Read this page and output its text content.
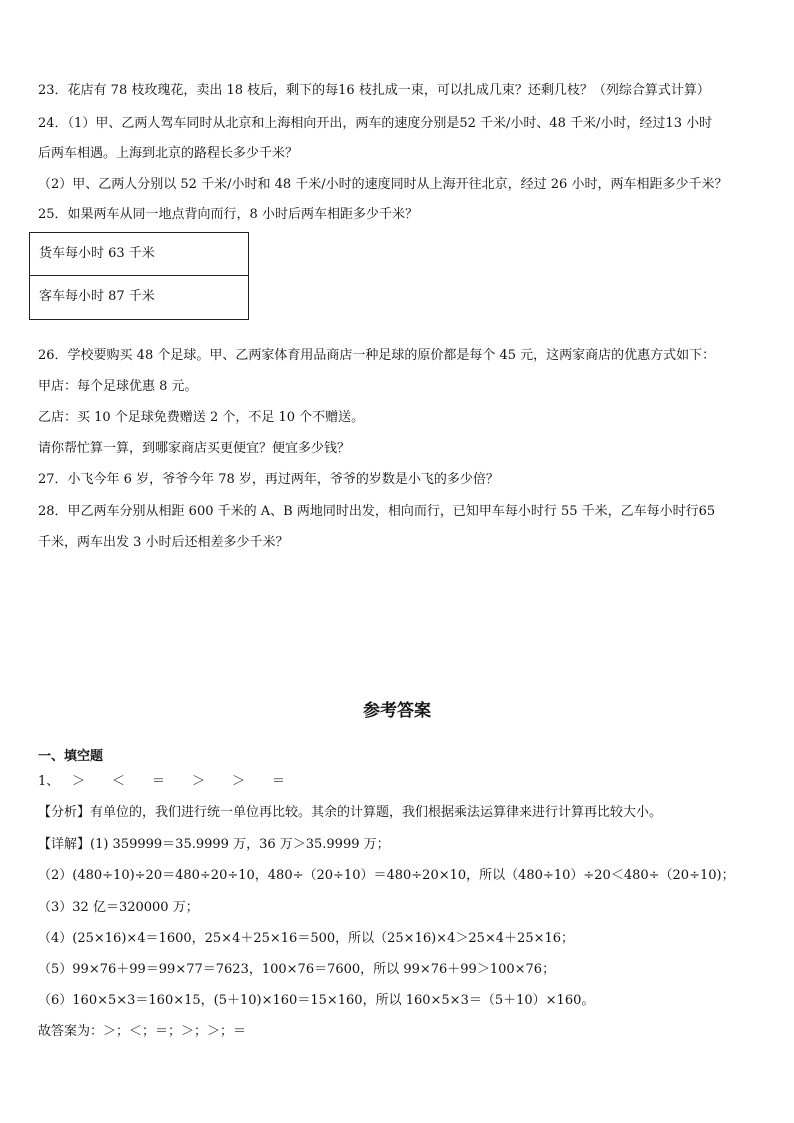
23．花店有 78 枝玫瑰花，卖出 18 枝后，剩下的每16 枝扎成一束，可以扎成几束？还剩几枝？（列综合算式计算）
24．（1）甲、乙两人驾车同时从北京和上海相向开出，两车的速度分别是52 千米/小时、48 千米/小时，经过13 小时
后两车相遇。上海到北京的路程长多少千米？
（2）甲、乙两人分别以 52 千米/小时和 48 千米/小时的速度同时从上海开往北京，经过 26 小时，两车相距多少千米？
25．如果两车从同一地点背向而行，8 小时后两车相距多少千米？
货车每小时 63 千米
客车每小时 87 千米
26．学校要购买 48 个足球。甲、乙两家体育用品商店一种足球的原价都是每个 45 元，这两家商店的优惠方式如下：
甲店：每个足球优惠 8 元。
乙店：买 10 个足球免费赠送 2 个，不足 10 个不赠送。
请你帮忙算一算，到哪家商店买更便宜？便宜多少钱？
27．小飞今年 6 岁，爷爷今年 78 岁，再过两年，爷爷的岁数是小飞的多少倍？
28．甲乙两车分别从相距 600 千米的 A、B 两地同时出发，相向而行，已知甲车每小时行 55 千米，乙车每小时行65
千米，两车出发 3 小时后还相差多少千米？
参考答案
一、填空题
1、 ＞ ＜ ＝ ＞ ＞ ＝
【分析】有单位的，我们进行统一单位再比较。其余的计算题，我们根据乘法运算律来进行计算再比较大小。
【详解】(1) 359999＝35.9999 万，36 万＞35.9999 万；
（2）(480÷10)÷20＝480÷20÷10，480÷（20÷10）＝480÷20×10，所以（480÷10）÷20＜480÷（20÷10)；
（3）32 亿＝320000 万；
（4）(25×16)×4＝1600，25×4＋25×16＝500，所以（25×16)×4＞25×4＋25×16；
（5）99×76＋99＝99×77＝7623，100×76＝7600，所以 99×76＋99＞100×76；
（6）160×5×3＝160×15，(5＋10)×160＝15×160，所以 160×5×3＝（5＋10）×160。
故答案为：＞；＜；＝；＞；＞；＝
